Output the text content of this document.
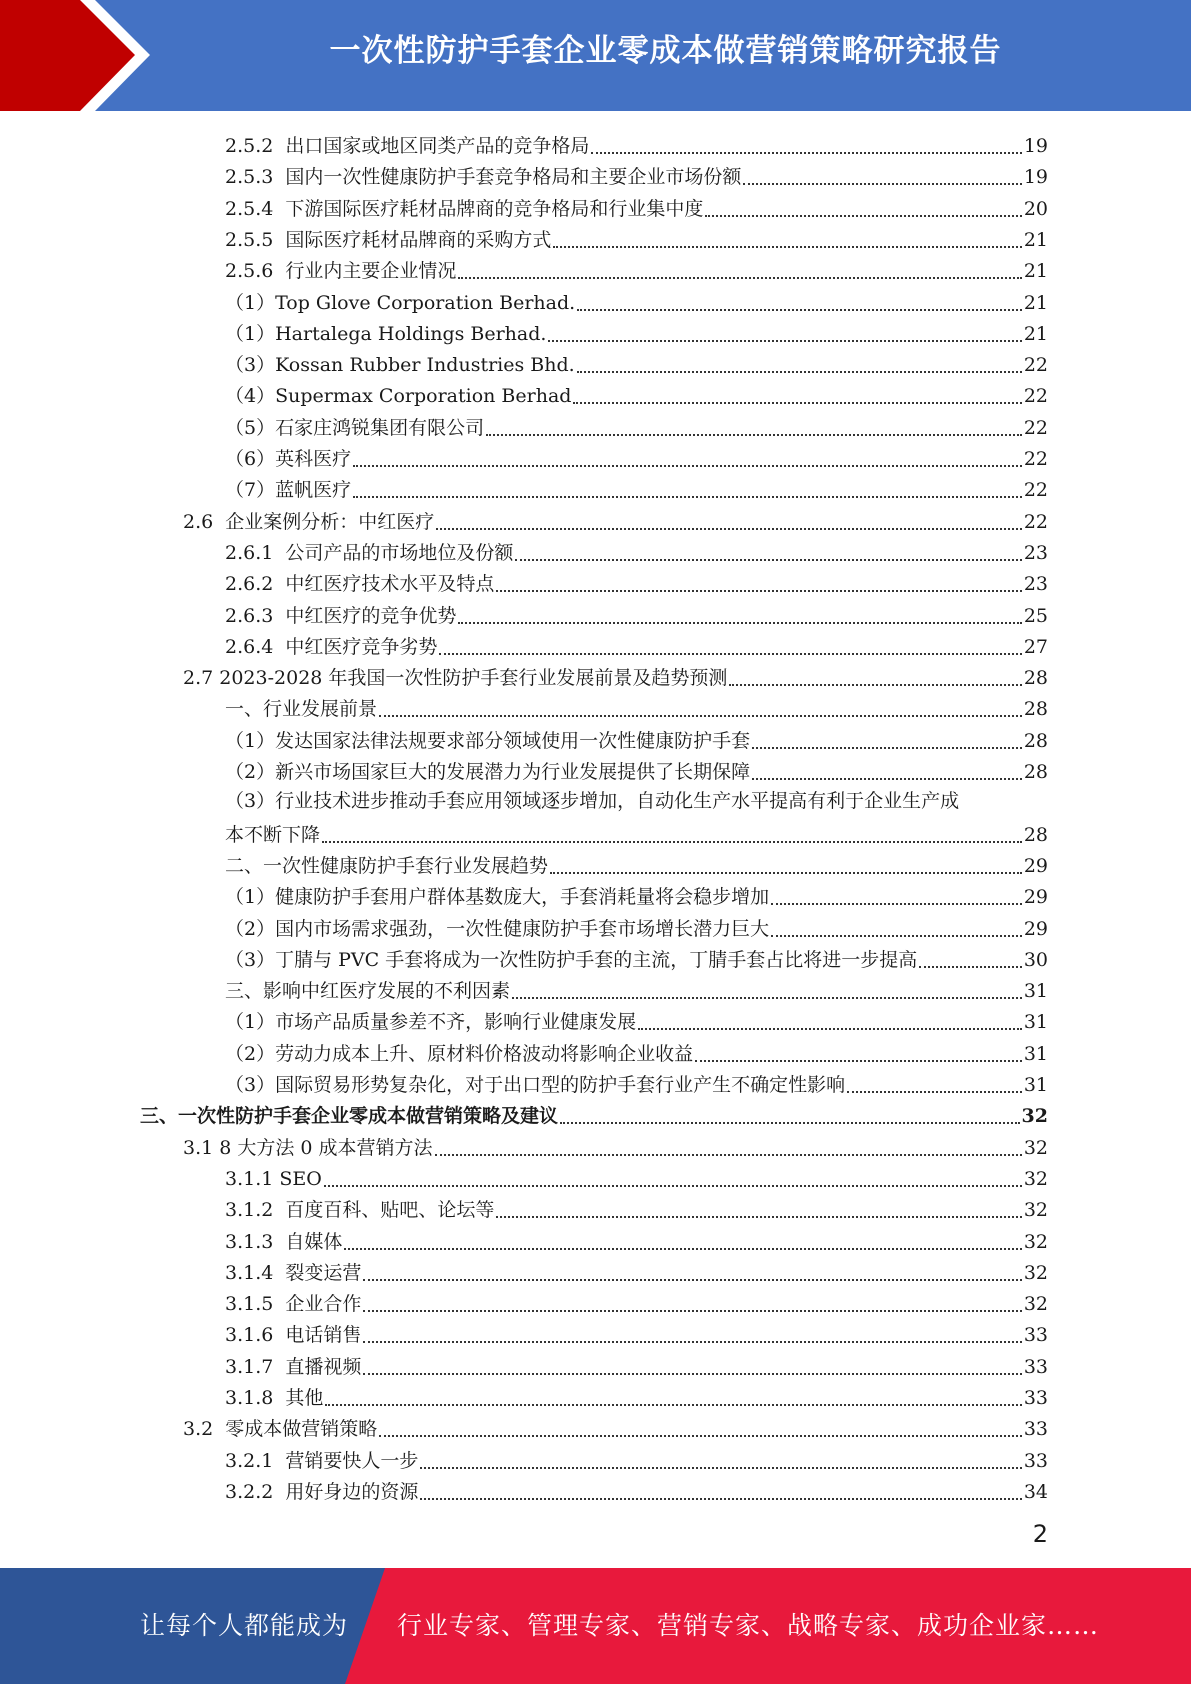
一次性防护手套企业零成本做营销策略研究报告
2.5.2  出口国家或地区同类产品的竞争格局	19
2.5.3  国内一次性健康防护手套竞争格局和主要企业市场份额	19
2.5.4  下游国际医疗耗材品牌商的竞争格局和行业集中度	20
2.5.5  国际医疗耗材品牌商的采购方式	21
2.5.6  行业内主要企业情况	21
（1）Top Glove Corporation Berhad.	21
（1）Hartalega Holdings Berhad.	21
（3）Kossan Rubber Industries Bhd.	22
（4）Supermax Corporation Berhad	22
（5）石家庄鸿锐集团有限公司	22
（6）英科医疗	22
（7）蓝帆医疗	22
2.6  企业案例分析：中红医疗	22
2.6.1  公司产品的市场地位及份额	23
2.6.2  中红医疗技术水平及特点	23
2.6.3  中红医疗的竞争优势	25
2.6.4  中红医疗竞争劣势	27
2.7 2023-2028 年我国一次性防护手套行业发展前景及趋势预测	28
一、行业发展前景	28
（1）发达国家法律法规要求部分领域使用一次性健康防护手套	28
（2）新兴市场国家巨大的发展潜力为行业发展提供了长期保障	28
（3）行业技术进步推动手套应用领域逐步增加，自动化生产水平提高有利于企业生产成
本不断下降	28
二、一次性健康防护手套行业发展趋势	29
（1）健康防护手套用户群体基数庞大，手套消耗量将会稳步增加	29
（2）国内市场需求强劲，一次性健康防护手套市场增长潜力巨大	29
（3）丁腈与 PVC 手套将成为一次性防护手套的主流，丁腈手套占比将进一步提高	30
三、影响中红医疗发展的不利因素	31
（1）市场产品质量参差不齐，影响行业健康发展	31
（2）劳动力成本上升、原材料价格波动将影响企业收益	31
（3）国际贸易形势复杂化，对于出口型的防护手套行业产生不确定性影响	31
三、一次性防护手套企业零成本做营销策略及建议	32
3.1 8 大方法 0 成本营销方法	32
3.1.1 SEO	32
3.1.2  百度百科、贴吧、论坛等	32
3.1.3  自媒体	32
3.1.4  裂变运营	32
3.1.5  企业合作	32
3.1.6  电话销售	33
3.1.7  直播视频	33
3.1.8  其他	33
3.2  零成本做营销策略	33
3.2.1  营销要快人一步	33
3.2.2  用好身边的资源	34
2
让每个人都能成为 行业专家、管理专家、营销专家、战略专家、成功企业家……
